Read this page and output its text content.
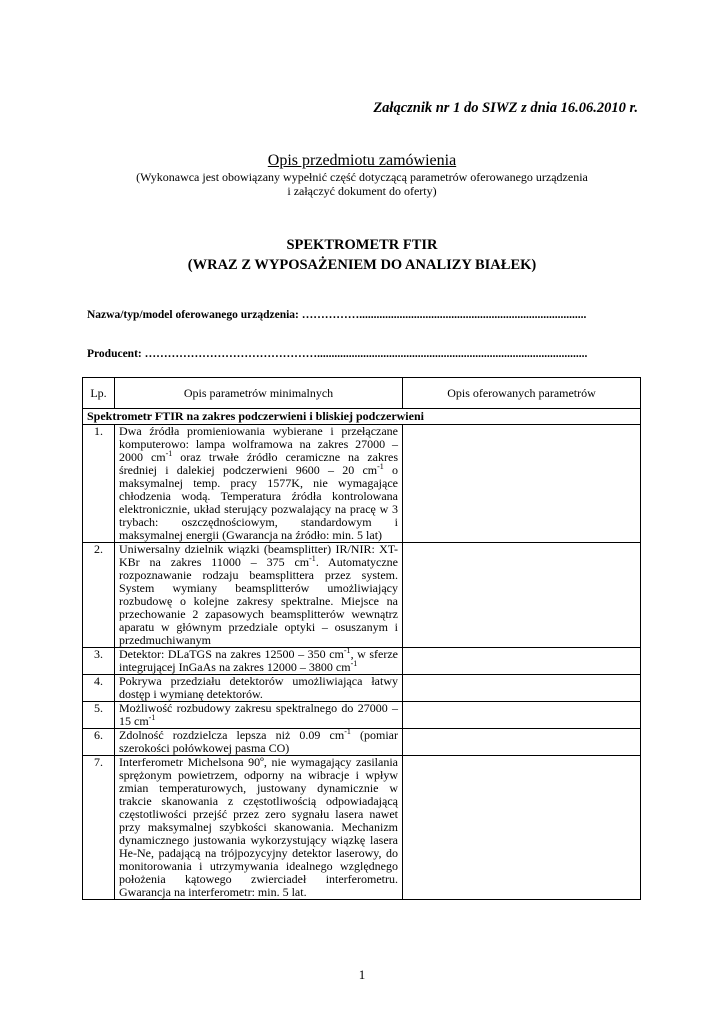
Załącznik nr 1 do SIWZ z dnia 16.06.2010 r.
Opis przedmiotu zamówienia
(Wykonawca jest obowiązany wypełnić część dotyczącą parametrów oferowanego urządzenia
i załączyć dokument do oferty)
SPEKTROMETR FTIR
(WRAZ Z WYPOSAŻENIEM DO ANALIZY BIAŁEK)
Nazwa/typ/model oferowanego urządzenia: ……………...............................................................................
Producent: ………………………………………..............................................................................................
Lp.	Opis parametrów minimalnych	Opis oferowanych parametrów
Spektrometr FTIR na zakres podczerwieni i bliskiej podczerwieni		
1.	Dwa źródła promieniowania wybierane i przełączane komputerowo: lampa wolframowa na zakres 27000 – 2000 $cm^{-1}$ oraz trwałe źródło ceramiczne na zakres średniej i dalekiej podczerwieni 9600 – 20 $cm^{-1}$ o maksymalnej temp. pracy 1577K, nie wymagające chłodzenia wodą. Temperatura źródła kontrolowana elektronicznie, układ sterujący pozwalający na pracę w 3 trybach: oszczędnościowym, standardowym i maksymalnej energii (Gwarancja na źródło: min. 5 lat)	
2.	Uniwersalny dzielnik wiązki (beamsplitter) IR/NIR: XT-KBr na zakres 11000 – 375 $cm^{-1}$. Automatyczne rozpoznawanie rodzaju beamsplittera przez system. System wymiany beamsplitterów umożliwiający rozbudowę o kolejne zakresy spektralne. Miejsce na przechowanie 2 zapasowych beamsplitterów wewnątrz aparatu w głównym przedziale optyki – osuszanym i przedmuchiwanym	
3.	Detektor: DLaTGS na zakres 12500 – 350 $cm^{-1}$, w sferze integrującej InGaAs na zakres 12000 – 3800 $cm^{-1}$	
4.	Pokrywa przedziału detektorów umożliwiająca łatwy dostęp i wymianę detektorów.	
5.	Możliwość rozbudowy zakresu spektralnego do 27000 – 15 $cm^{-1}$	
6.	Zdolność rozdzielcza lepsza niż 0.09 $cm^{-1}$ (pomiar szerokości połówkowej pasma CO)	
7.	Interferometr Michelsona 90º, nie wymagający zasilania sprężonym powietrzem, odporny na wibracje i wpływ zmian temperaturowych, justowany dynamicznie w trakcie skanowania z częstotliwością odpowiadającą częstotliwości przejść przez zero sygnału lasera nawet przy maksymalnej szybkości skanowania. Mechanizm dynamicznego justowania wykorzystujący wiązkę lasera He-Ne, padającą na trójpozycyjny detektor laserowy, do monitorowania i utrzymywania idealnego względnego położenia kątowego zwierciadeł interferometru. Gwarancja na interferometr: min. 5 lat.	
1
